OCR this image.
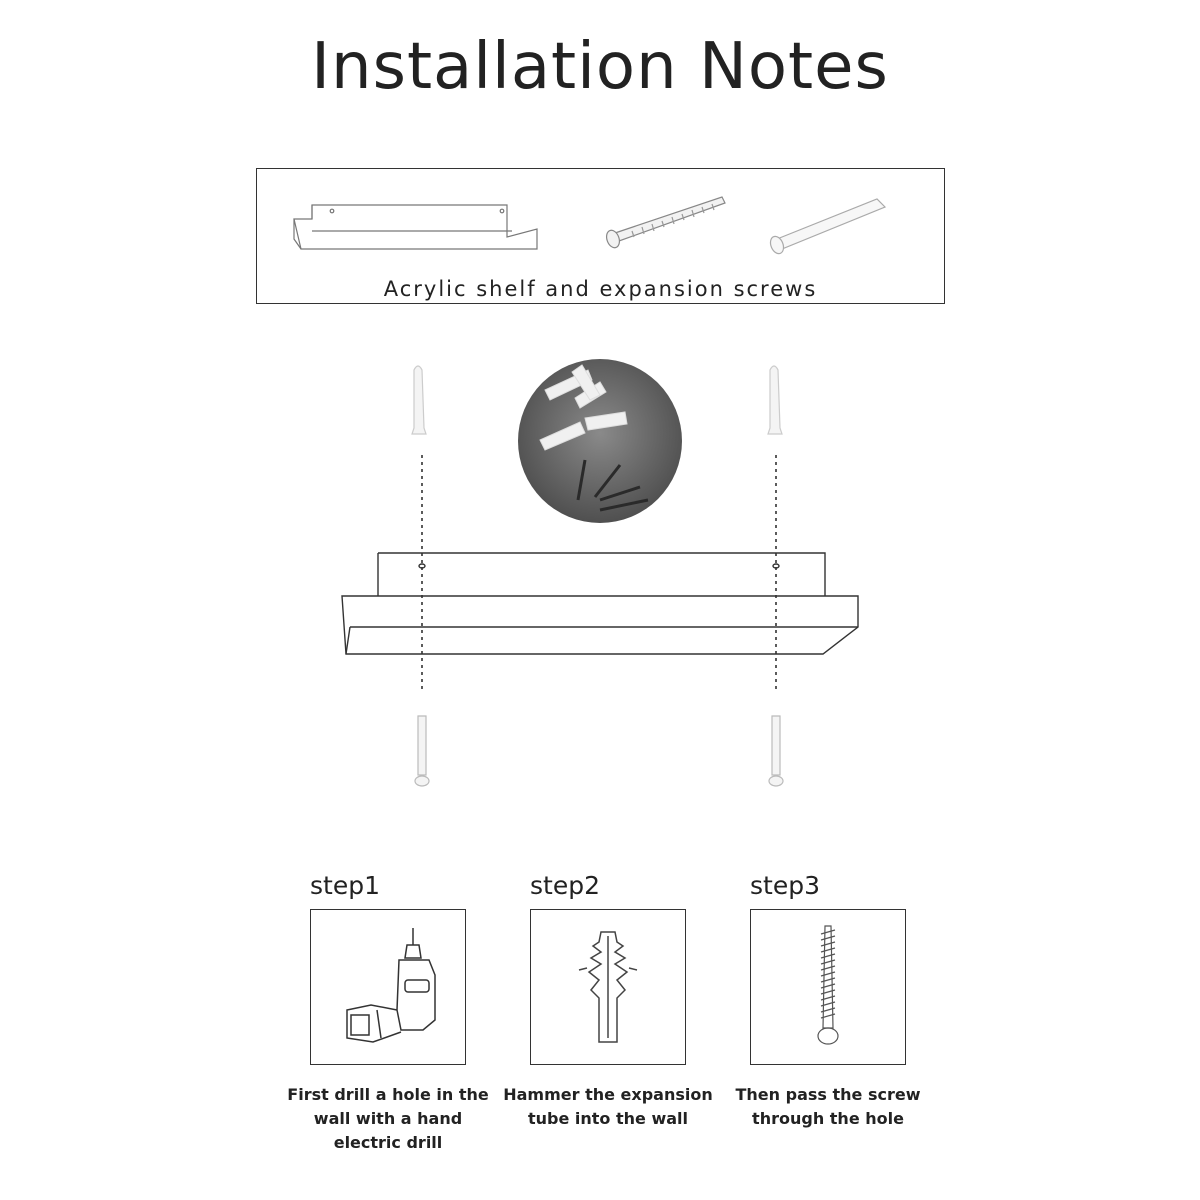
Installation Notes
Acrylic shelf and expansion screws
step1	step2	step3
First drill a hole in the wall with a hand electric drill
Hammer the expansion tube into the wall
Then pass the screw through the hole
